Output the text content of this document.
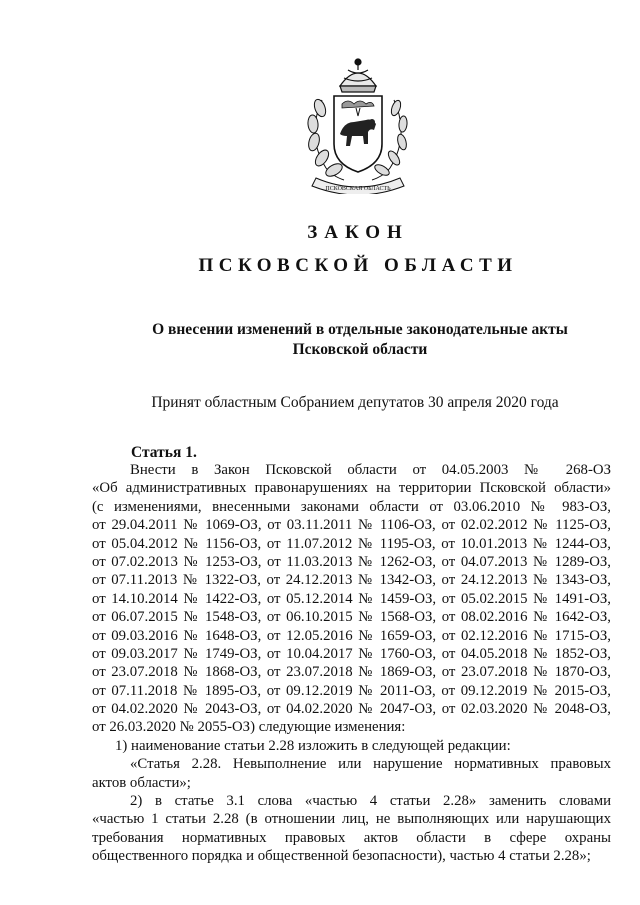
ПСКОВСКАЯ ОБЛАСТЬ
ЗАКОН
ПСКОВСКОЙ ОБЛАСТИ
О внесении изменений в отдельные законодательные акты
Псковской области
Принят областным Собранием депутатов 30 апреля 2020 года
Статья 1.
Внести в Закон Псковской области от 04.05.2003 № 268-ОЗ
«Об административных правонарушениях на территории Псковской области»
(с изменениями, внесенными законами области от 03.06.2010 № 983-ОЗ,
от 29.04.2011 № 1069-ОЗ, от 03.11.2011 № 1106-ОЗ, от 02.02.2012 № 1125-ОЗ,
от 05.04.2012 № 1156-ОЗ, от 11.07.2012 № 1195-ОЗ, от 10.01.2013 № 1244-ОЗ,
от 07.02.2013 № 1253-ОЗ, от 11.03.2013 № 1262-ОЗ, от 04.07.2013 № 1289-ОЗ,
от 07.11.2013 № 1322-ОЗ, от 24.12.2013 № 1342-ОЗ, от 24.12.2013 № 1343-ОЗ,
от 14.10.2014 № 1422-ОЗ, от 05.12.2014 № 1459-ОЗ, от 05.02.2015 № 1491-ОЗ,
от 06.07.2015 № 1548-ОЗ, от 06.10.2015 № 1568-ОЗ, от 08.02.2016 № 1642-ОЗ,
от 09.03.2016 № 1648-ОЗ, от 12.05.2016 № 1659-ОЗ, от 02.12.2016 № 1715-ОЗ,
от 09.03.2017 № 1749-ОЗ, от 10.04.2017 № 1760-ОЗ, от 04.05.2018 № 1852-ОЗ,
от 23.07.2018 № 1868-ОЗ, от 23.07.2018 № 1869-ОЗ, от 23.07.2018 № 1870-ОЗ,
от 07.11.2018 № 1895-ОЗ, от 09.12.2019 № 2011-ОЗ, от 09.12.2019 № 2015-ОЗ,
от 04.02.2020 № 2043-ОЗ, от 04.02.2020 № 2047-ОЗ, от 02.03.2020 № 2048-ОЗ,
от 26.03.2020 № 2055-ОЗ) следующие изменения:
1) наименование статьи 2.28 изложить в следующей редакции:
«Статья 2.28. Невыполнение или нарушение нормативных правовых
актов области»;
2) в статье 3.1 слова «частью 4 статьи 2.28» заменить словами
«частью 1 статьи 2.28 (в отношении лиц, не выполняющих или нарушающих
требования нормативных правовых актов области в сфере охраны
общественного порядка и общественной безопасности), частью 4 статьи 2.28»;
